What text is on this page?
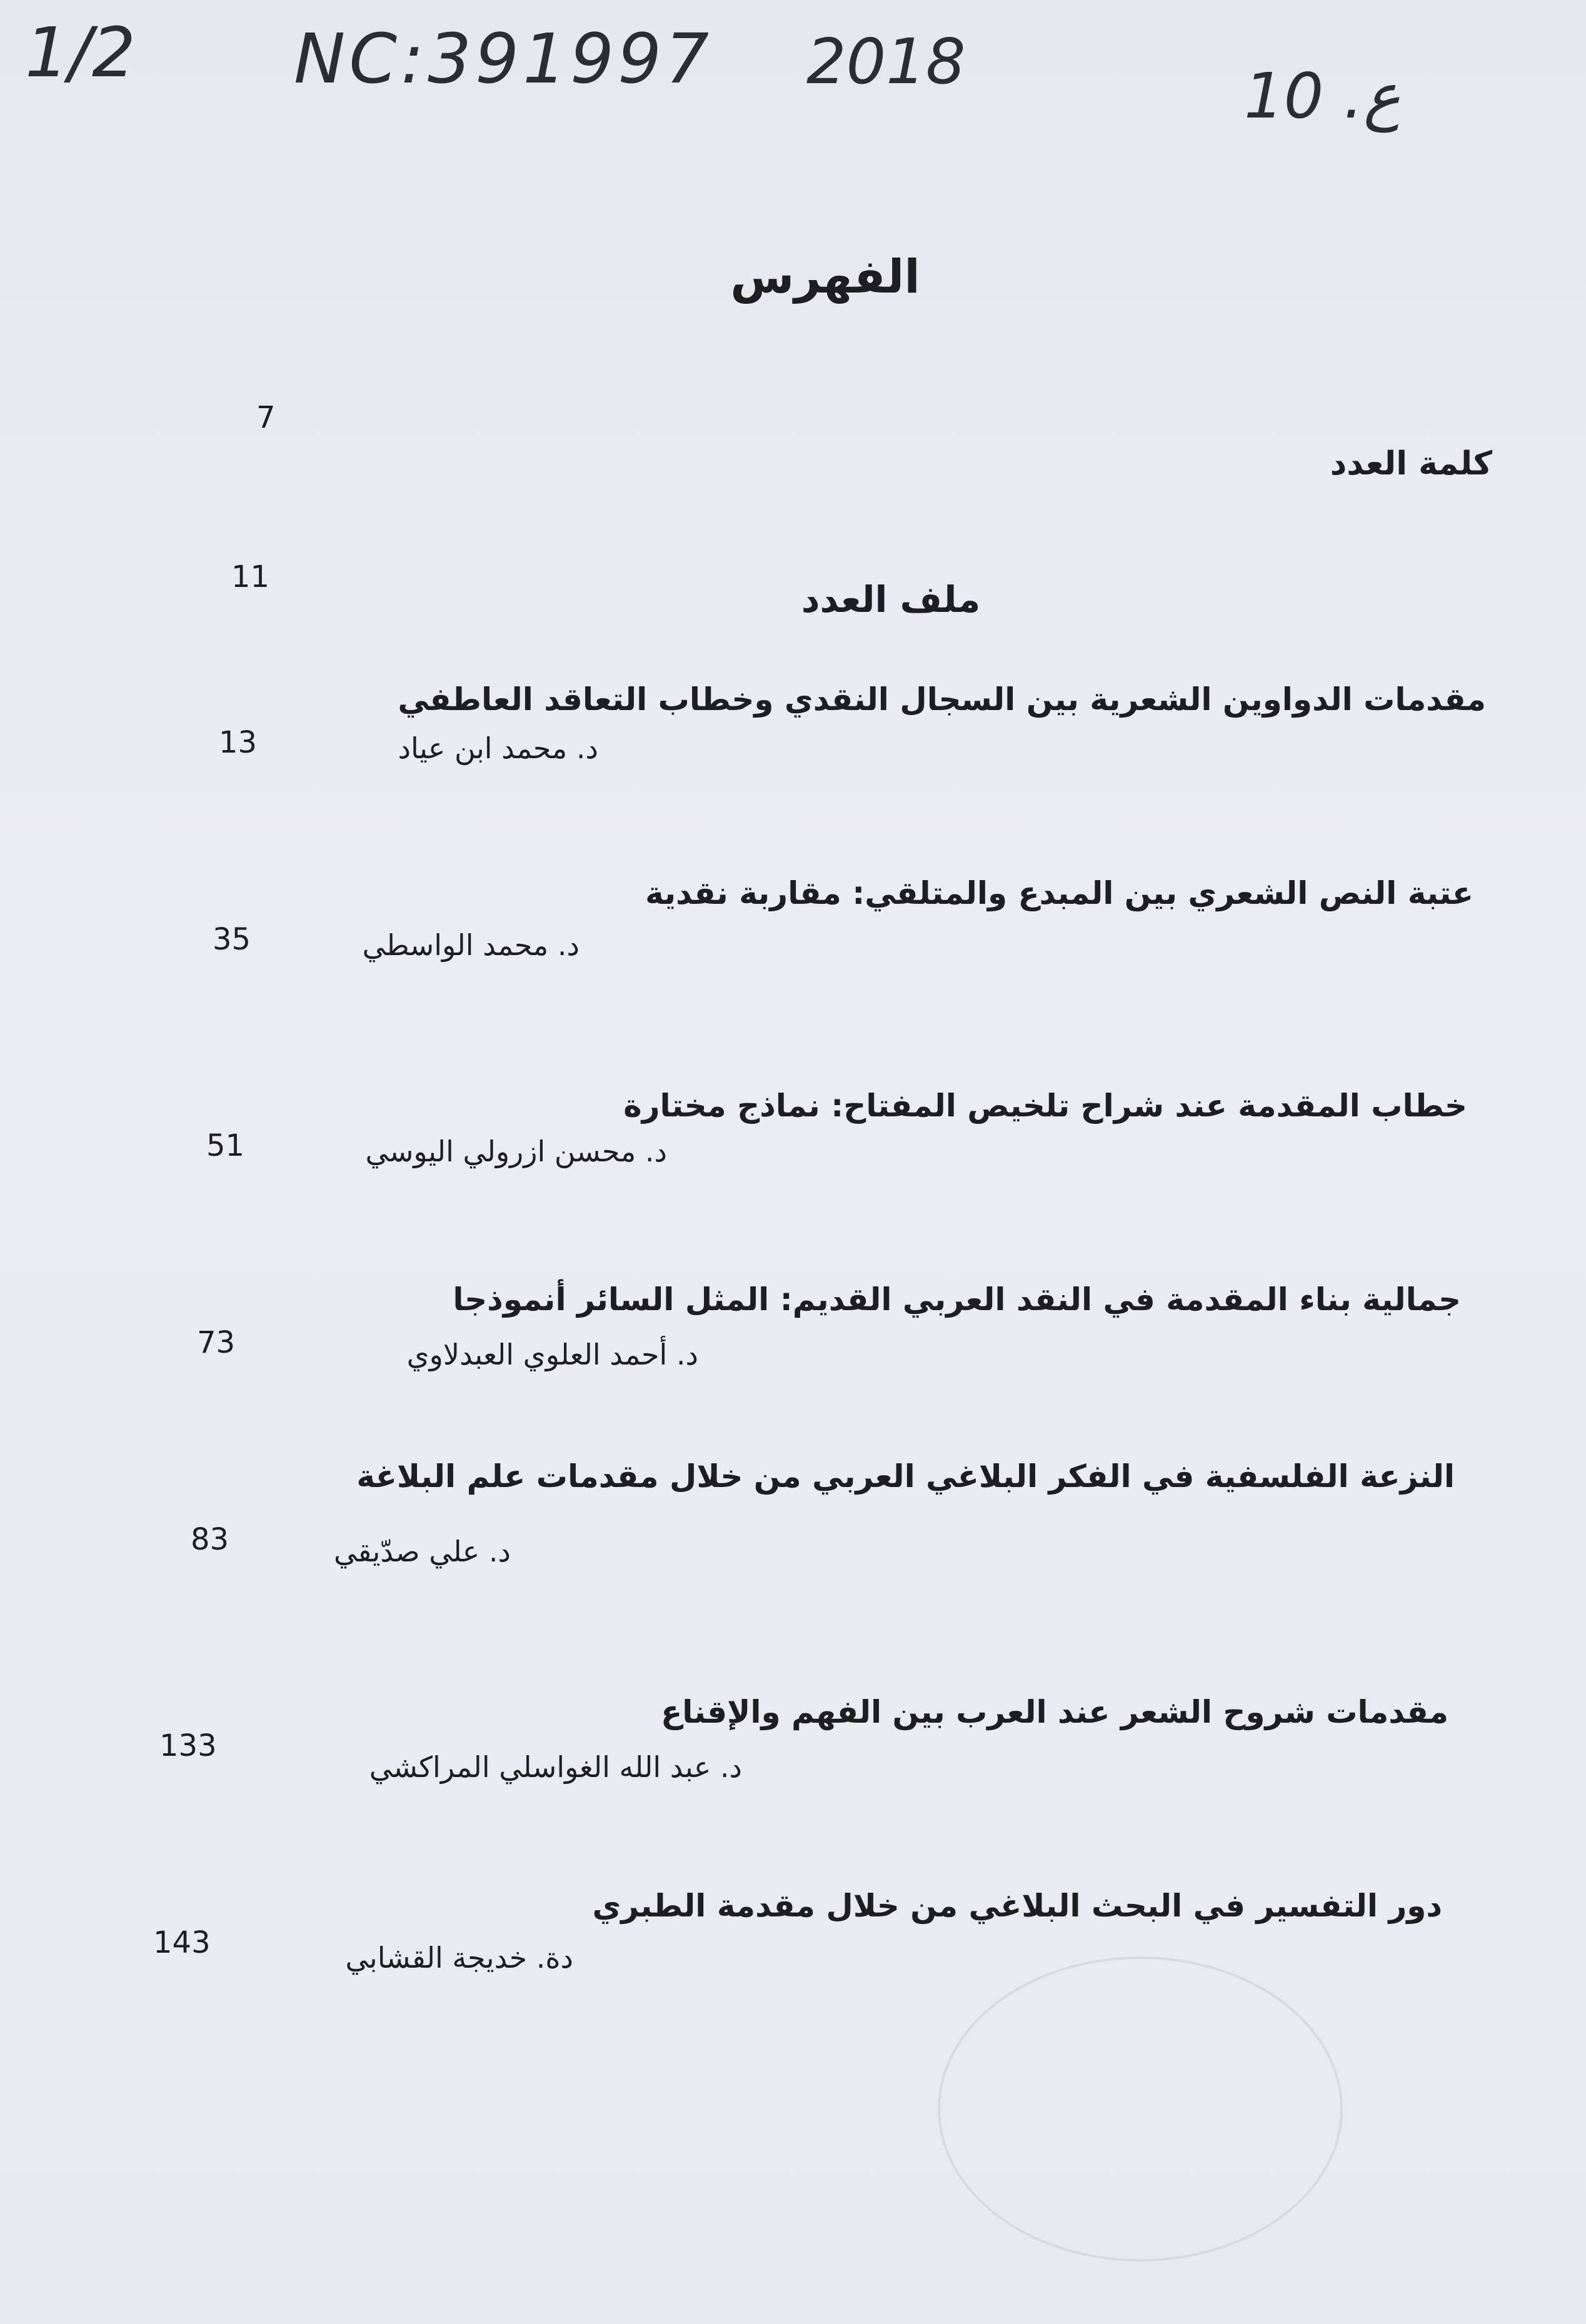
1/2 NC:391997 2018	ع. 10
الفهرس
7
كلمة العدد
11
ملف العدد
مقدمات الدواوين الشعرية بين السجال النقدي وخطاب التعاقد العاطفي
د. محمد ابن عياد
13
عتبة النص الشعري بين المبدع والمتلقي: مقاربة نقدية
د. محمد الواسطي
35
خطاب المقدمة عند شراح تلخيص المفتاح: نماذج مختارة
د. محسن ازرولي اليوسي
51
جمالية بناء المقدمة في النقد العربي القديم: المثل السائر أنموذجا
د. أحمد العلوي العبدلاوي
73
النزعة الفلسفية في الفكر البلاغي العربي من خلال مقدمات علم البلاغة
د. علي صدّيقي
83
مقدمات شروح الشعر عند العرب بين الفهم والإقناع
د. عبد الله الغواسلي المراكشي
133
دور التفسير في البحث البلاغي من خلال مقدمة الطبري
دة. خديجة القشابي
143
